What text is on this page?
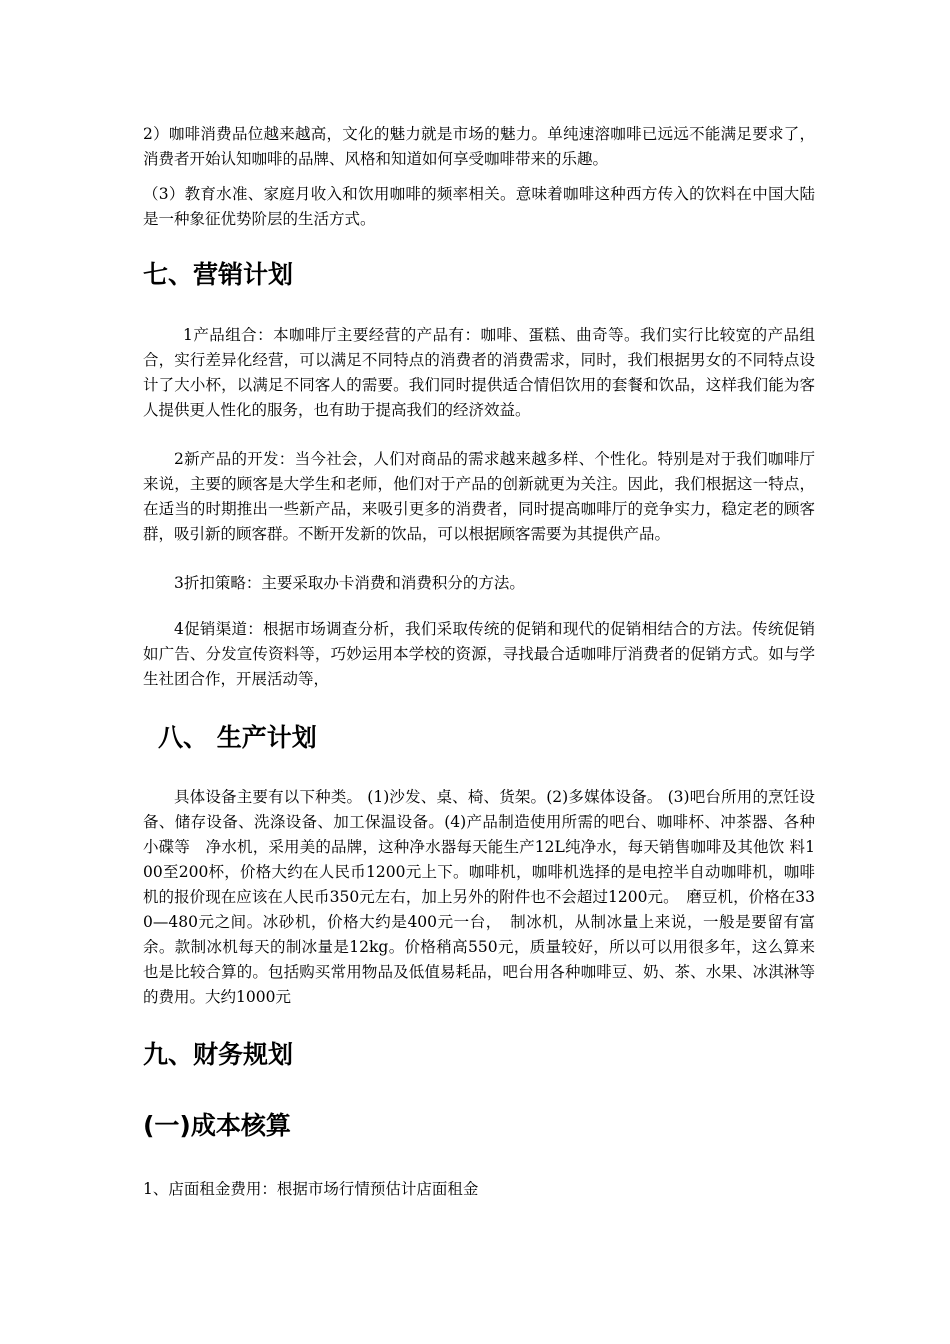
2）咖啡消费品位越来越高，文化的魅力就是市场的魅力。单纯速溶咖啡已远远不能满足要求了，消费者开始认知咖啡的品牌、风格和知道如何享受咖啡带来的乐趣。

（3）教育水准、家庭月收入和饮用咖啡的频率相关。意味着咖啡这种西方传入的饮料在中国大陆是一种象征优势阶层的生活方式。

七、营销计划

1产品组合：本咖啡厅主要经营的产品有：咖啡、蛋糕、曲奇等。我们实行比较宽的产品组合，实行差异化经营，可以满足不同特点的消费者的消费需求，同时，我们根据男女的不同特点设计了大小杯，以满足不同客人的需要。我们同时提供适合情侣饮用的套餐和饮品，这样我们能为客人提供更人性化的服务，也有助于提高我们的经济效益。

2新产品的开发：当今社会，人们对商品的需求越来越多样、个性化。特别是对于我们咖啡厅来说，主要的顾客是大学生和老师，他们对于产品的创新就更为关注。因此，我们根据这一特点，在适当的时期推出一些新产品，来吸引更多的消费者，同时提高咖啡厅的竞争实力，稳定老的顾客群，吸引新的顾客群。不断开发新的饮品，可以根据顾客需要为其提供产品。

3折扣策略：主要采取办卡消费和消费积分的方法。

4促销渠道：根据市场调查分析，我们采取传统的促销和现代的促销相结合的方法。传统促销如广告、分发宣传资料等，巧妙运用本学校的资源，寻找最合适咖啡厅消费者的促销方式。如与学生社团合作，开展活动等，

八、 生产计划

具体设备主要有以下种类。 (1)沙发、桌、椅、货架。(2)多媒体设备。 (3)吧台所用的烹饪设备、储存设备、洗涤设备、加工保温设备。(4)产品制造使用所需的吧台、咖啡杯、冲茶器、各种小碟等　净水机，采用美的品牌，这种净水器每天能生产12L纯净水，每天销售咖啡及其他饮 料100至200杯，价格大约在人民币1200元上下。咖啡机，咖啡机选择的是电控半自动咖啡机，咖啡机的报价现在应该在人民币350元左右，加上另外的附件也不会超过1200元。　磨豆机，价格在330—480元之间。冰砂机，价格大约是400元一台，　制冰机，从制冰量上来说，一般是要留有富余。款制冰机每天的制冰量是12kg。价格稍高550元，质量较好，所以可以用很多年，这么算来也是比较合算的。包括购买常用物品及低值易耗品，吧台用各种咖啡豆、奶、茶、水果、冰淇淋等的费用。大约1000元

九、财务规划
(一)成本核算

1、店面租金费用：根据市场行情预估计店面租金
